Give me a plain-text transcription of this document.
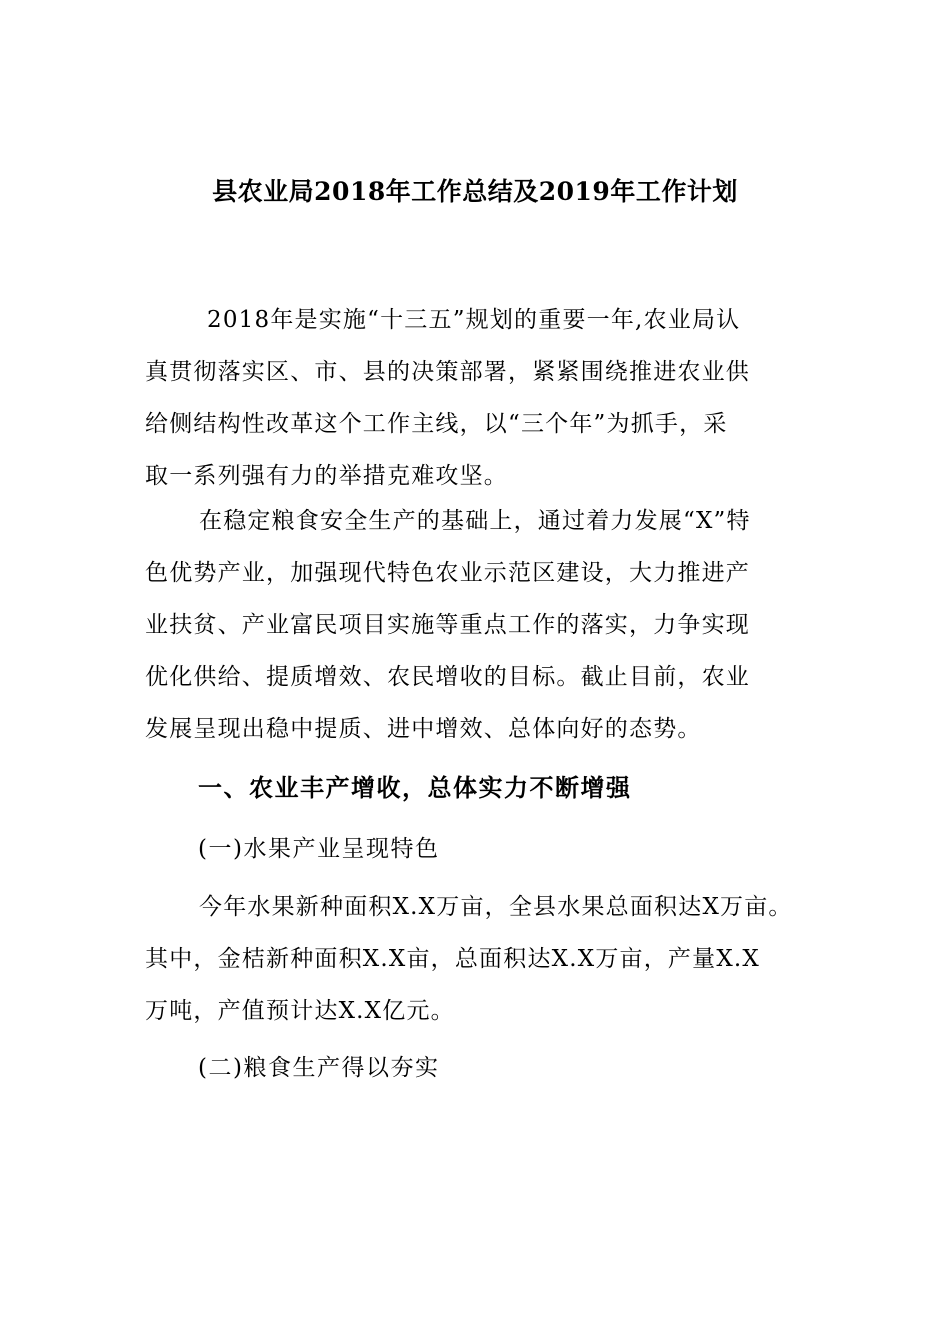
县农业局2018年工作总结及2019年工作计划
2018年是实施“十三五”规划的重要一年,农业局认
真贯彻落实区、市、县的决策部署，紧紧围绕推进农业供
给侧结构性改革这个工作主线，以“三个年”为抓手，采
取一系列强有力的举措克难攻坚。
在稳定粮食安全生产的基础上，通过着力发展“X”特
色优势产业，加强现代特色农业示范区建设，大力推进产
业扶贫、产业富民项目实施等重点工作的落实，力争实现
优化供给、提质增效、农民增收的目标。截止目前，农业
发展呈现出稳中提质、进中增效、总体向好的态势。
一、农业丰产增收，总体实力不断增强
(一)水果产业呈现特色
今年水果新种面积X.X万亩，全县水果总面积达X万亩。
其中，金桔新种面积X.X亩，总面积达X.X万亩，产量X.X
万吨，产值预计达X.X亿元。
(二)粮食生产得以夯实
